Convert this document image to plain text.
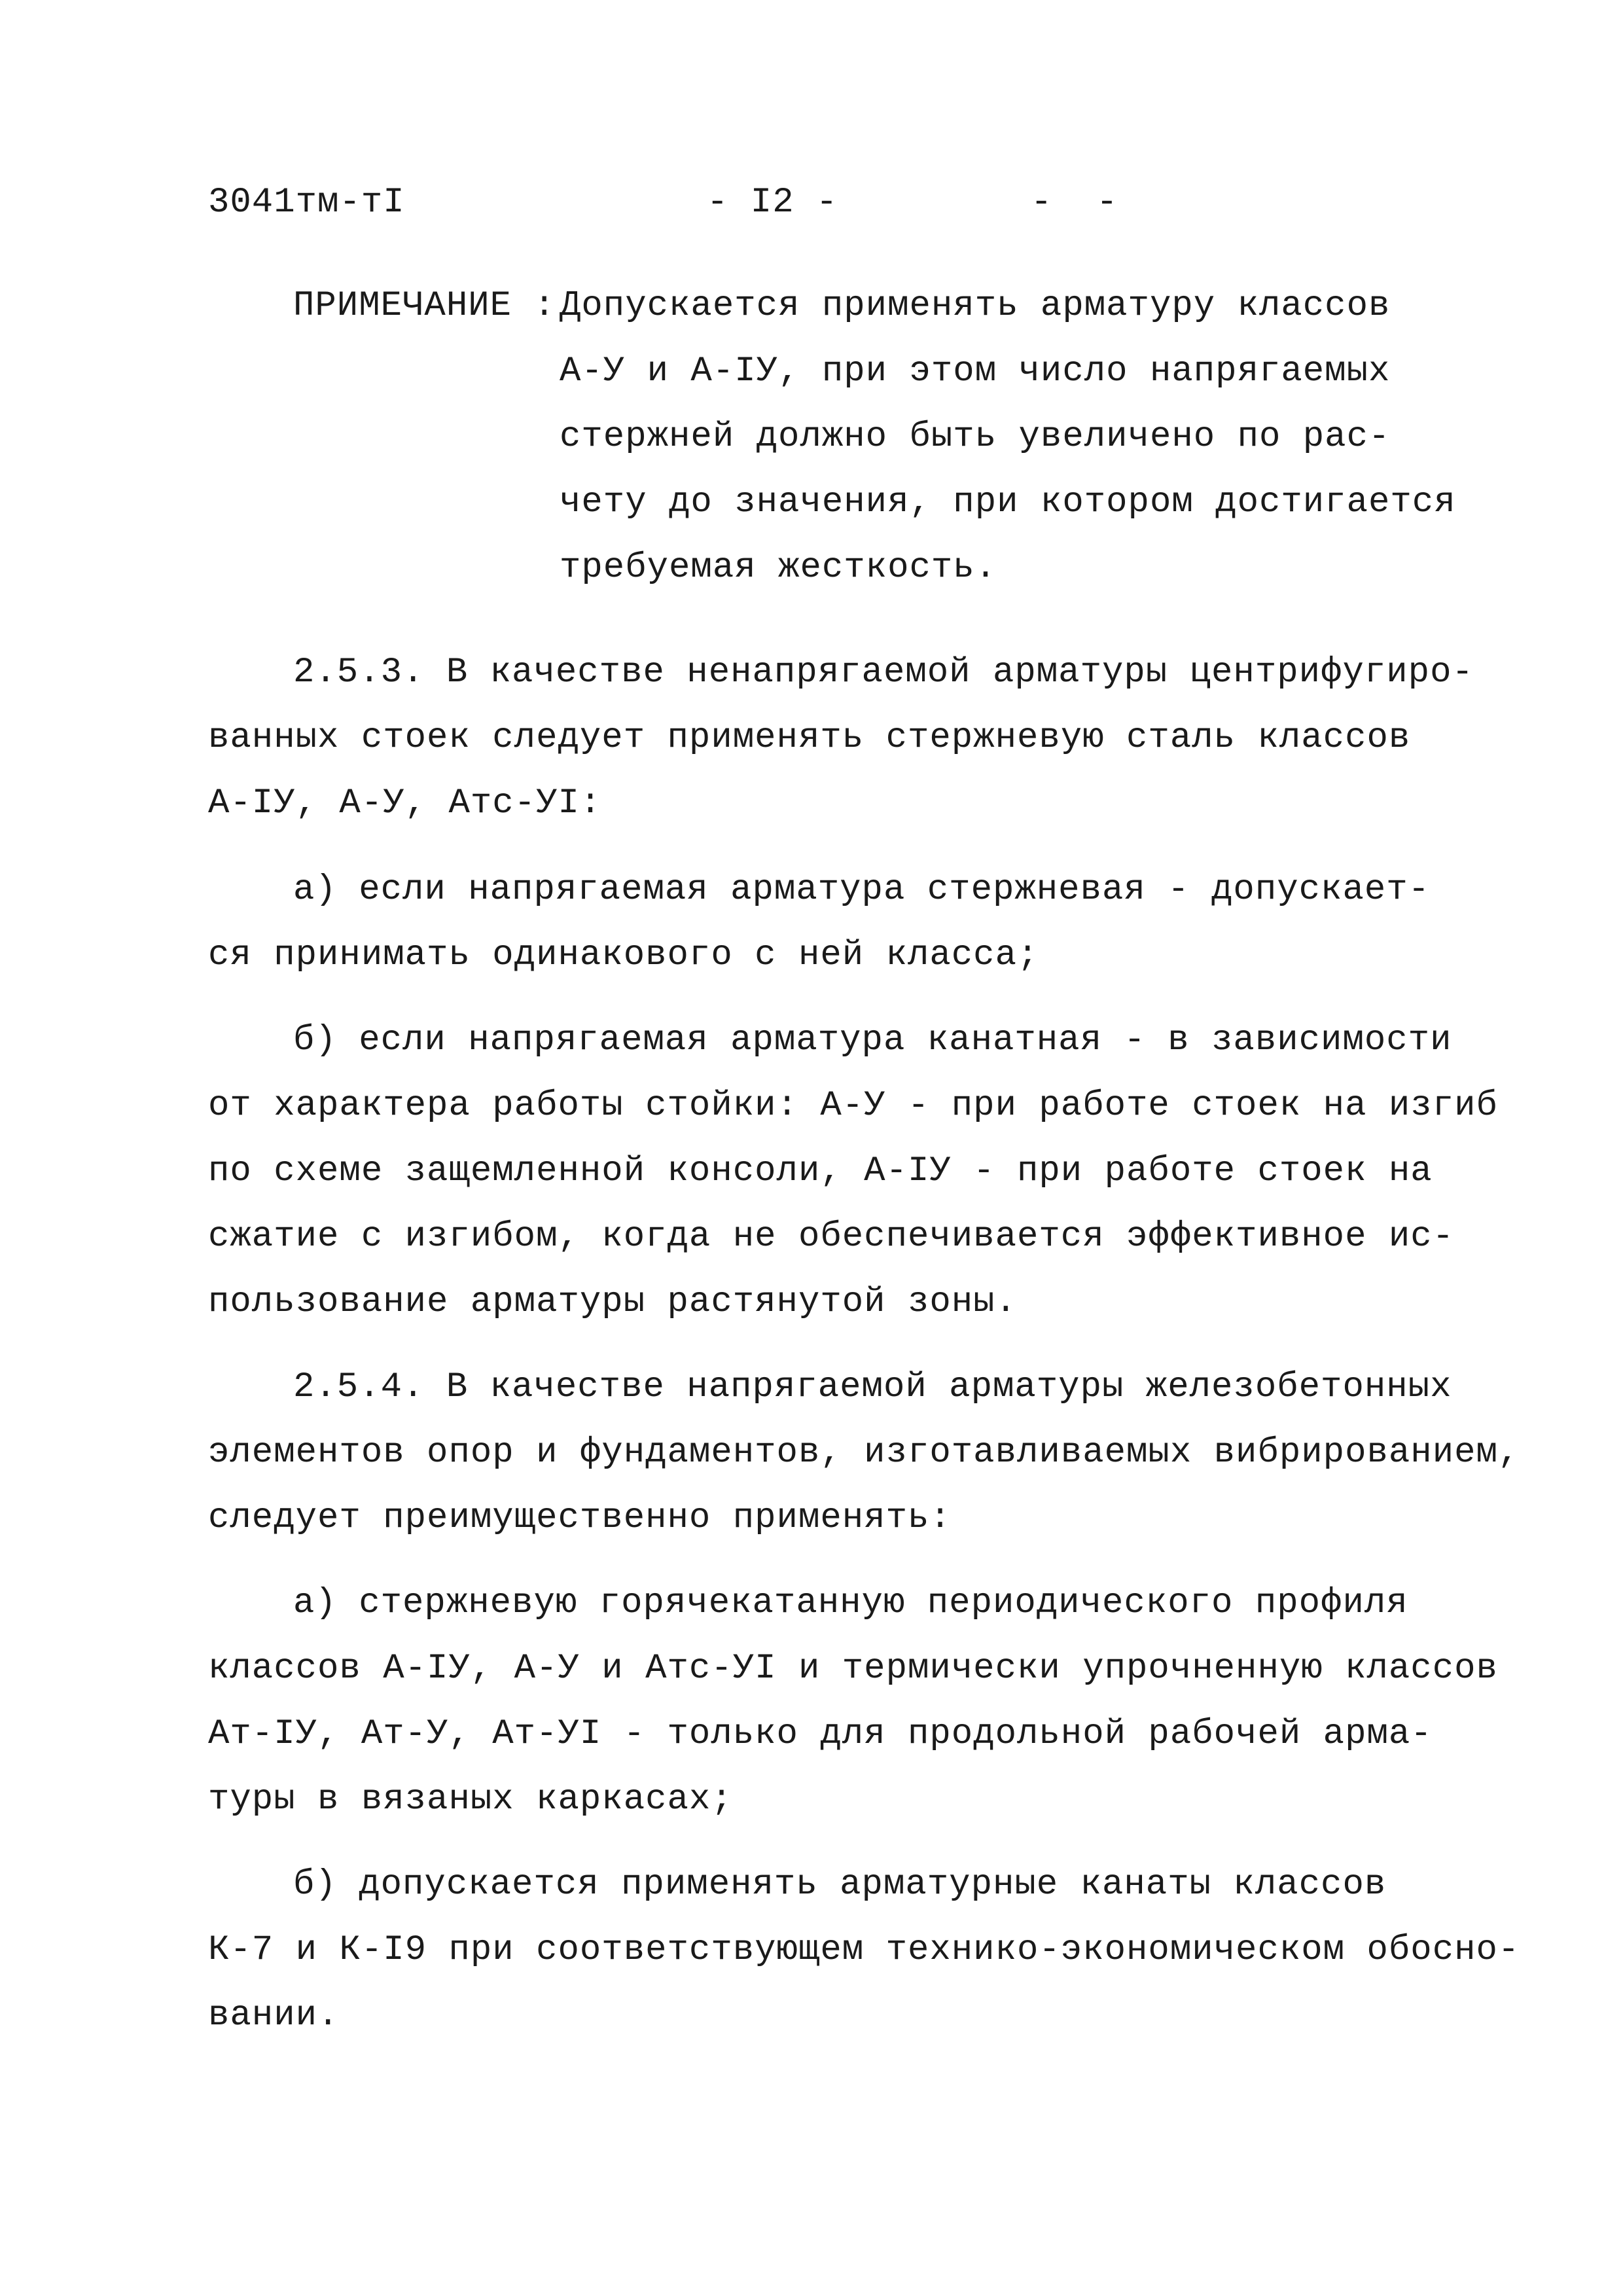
3041тм-тI	- I2 -	-  -
ПРИМЕЧАНИЕ : Допускается применять арматуру классов
А-У и А-IУ, при этом число напрягаемых
стержней должно быть увеличено по рас-
чету до значения, при котором достигается
требуемая жесткость.
2.5.3. В качестве ненапрягаемой арматуры центрифугиро-
ванных стоек следует применять стержневую сталь классов
А-IУ, А-У, Атс-УI:
а) если напрягаемая арматура стержневая - допускает-
ся принимать одинакового с ней класса;
б) если напрягаемая арматура канатная - в зависимости
от характера работы стойки: А-У - при работе стоек на изгиб
по схеме защемленной консоли, А-IУ - при работе стоек на
сжатие с изгибом, когда не обеспечивается эффективное ис-
пользование арматуры растянутой зоны.
2.5.4. В качестве напрягаемой арматуры железобетонных
элементов опор и фундаментов, изготавливаемых вибрированием,
следует преимущественно применять:
а) стержневую горячекатанную периодического профиля
классов А-IУ, А-У и Атс-УI и термически упрочненную классов
Ат-IУ, Ат-У, Ат-УI - только для продольной рабочей арма-
туры в вязаных каркасах;
б) допускается применять арматурные канаты классов
К-7 и К-I9 при соответствующем технико-экономическом обосно-
вании.
